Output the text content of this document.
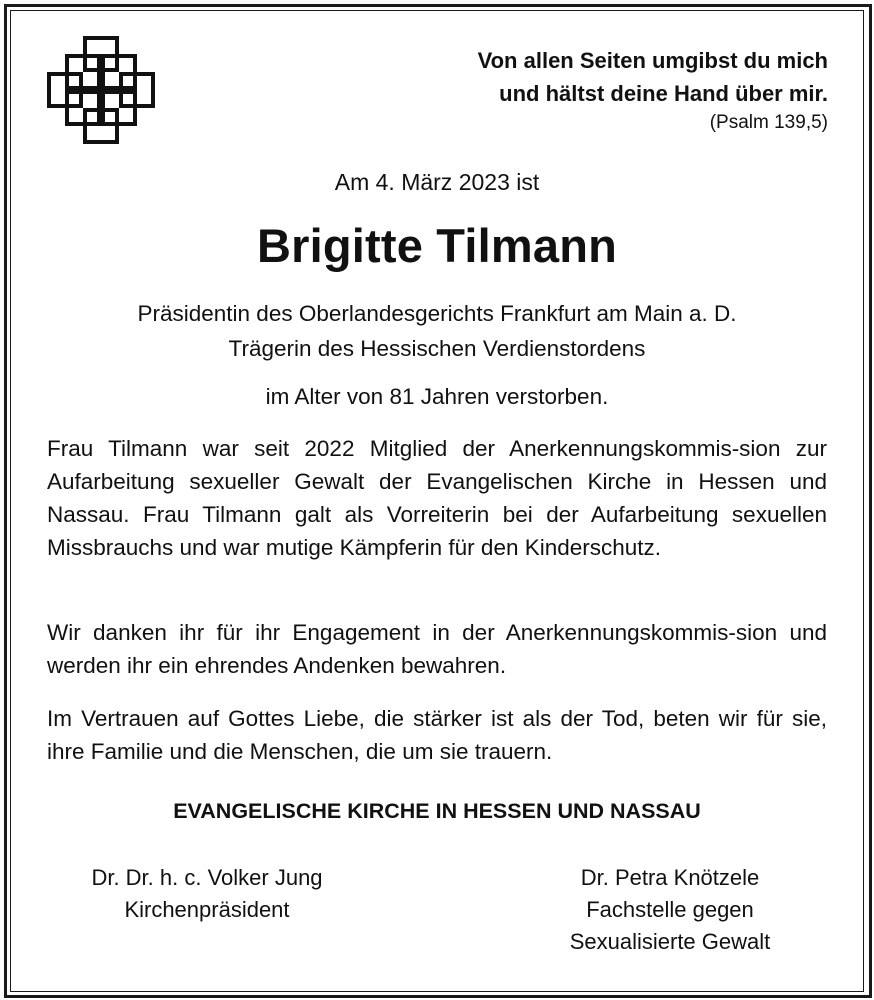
Von allen Seiten umgibst du mich
und hältst deine Hand über mir.
(Psalm 139,5)
Am 4. März 2023 ist
Brigitte Tilmann
Präsidentin des Oberlandesgerichts Frankfurt am Main a. D.
Trägerin des Hessischen Verdienstordens
im Alter von 81 Jahren verstorben.
Frau Tilmann war seit 2022 Mitglied der Anerkennungskommis-sion zur Aufarbeitung sexueller Gewalt der Evangelischen Kirche in Hessen und Nassau. Frau Tilmann galt als Vorreiterin bei der Aufarbeitung sexuellen Missbrauchs und war mutige Kämpferin für den Kinderschutz.
Wir danken ihr für ihr Engagement in der Anerkennungskommis-sion und werden ihr ein ehrendes Andenken bewahren.
Im Vertrauen auf Gottes Liebe, die stärker ist als der Tod, beten wir für sie, ihre Familie und die Menschen, die um sie trauern.
EVANGELISCHE KIRCHE IN HESSEN UND NASSAU
Dr. Dr. h. c. Volker Jung
Kirchenpräsident
Dr. Petra Knötzele
Fachstelle gegen
Sexualisierte Gewalt
